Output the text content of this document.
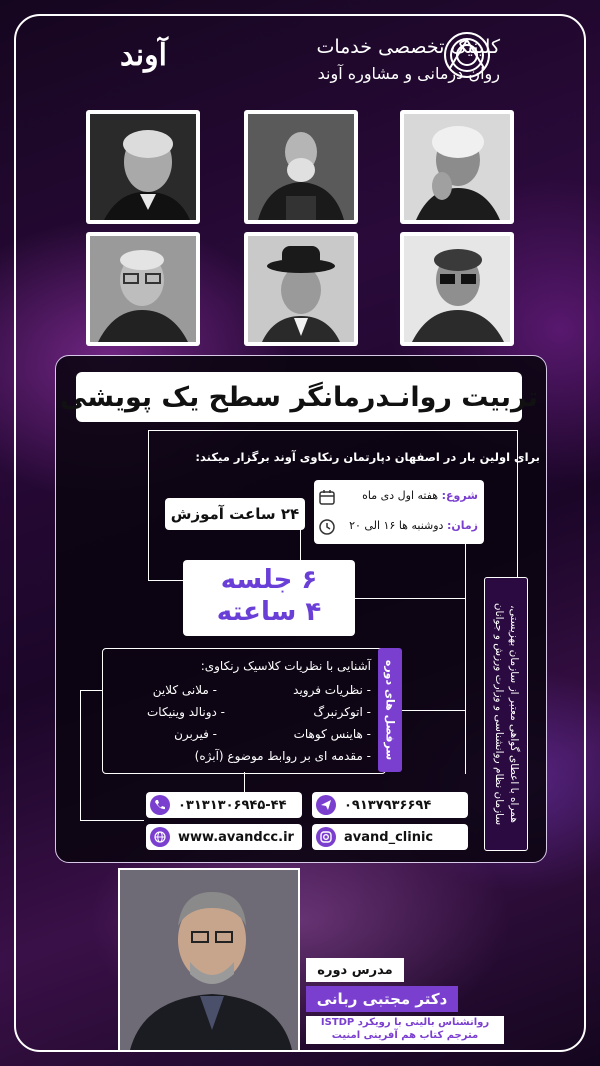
آوند	کلینیک تخصصی خدمات
روان درمانی و مشاوره آوند
تربیت روانـدرمانگر سطح یک پویشی
برای اولین بار در اصفهان دپارتمان رنکاوی آوند برگزار میکند:
۲۴ ساعت آموزش
شروع: هفته اول دی ماه
زمان: دوشنبه ها ۱۶ الی ۲۰
۶ جلسه
۴ ساعته	همراه با اعطای گواهی معتبر از سازمان بهزیستی،
سازمان نظام روانشناسی و وزارت ورزش و جوانان
آشنایی با نظریات کلاسیک رنکاوی:
- نظریات فروید
- ملانی کلاین
- اتوکرنبرگ
- دونالد وینیکات
- هاینس کوهات
- فیربرن
- مقدمه ای بر روابط موضوع (آبژه) سرفصل های دوره
۰۹۱۳۷۹۳۶۶۹۴
۰۳۱۳۱۳۰۶۹۴۵-۴۴
avand_clinic
www.avandcc.ir
مدرس دوره
دکتر مجتبی ربانی
روانشناس بالینی با رویکرد ISTDP
مترجم کتاب هم آفرینی امنیت
